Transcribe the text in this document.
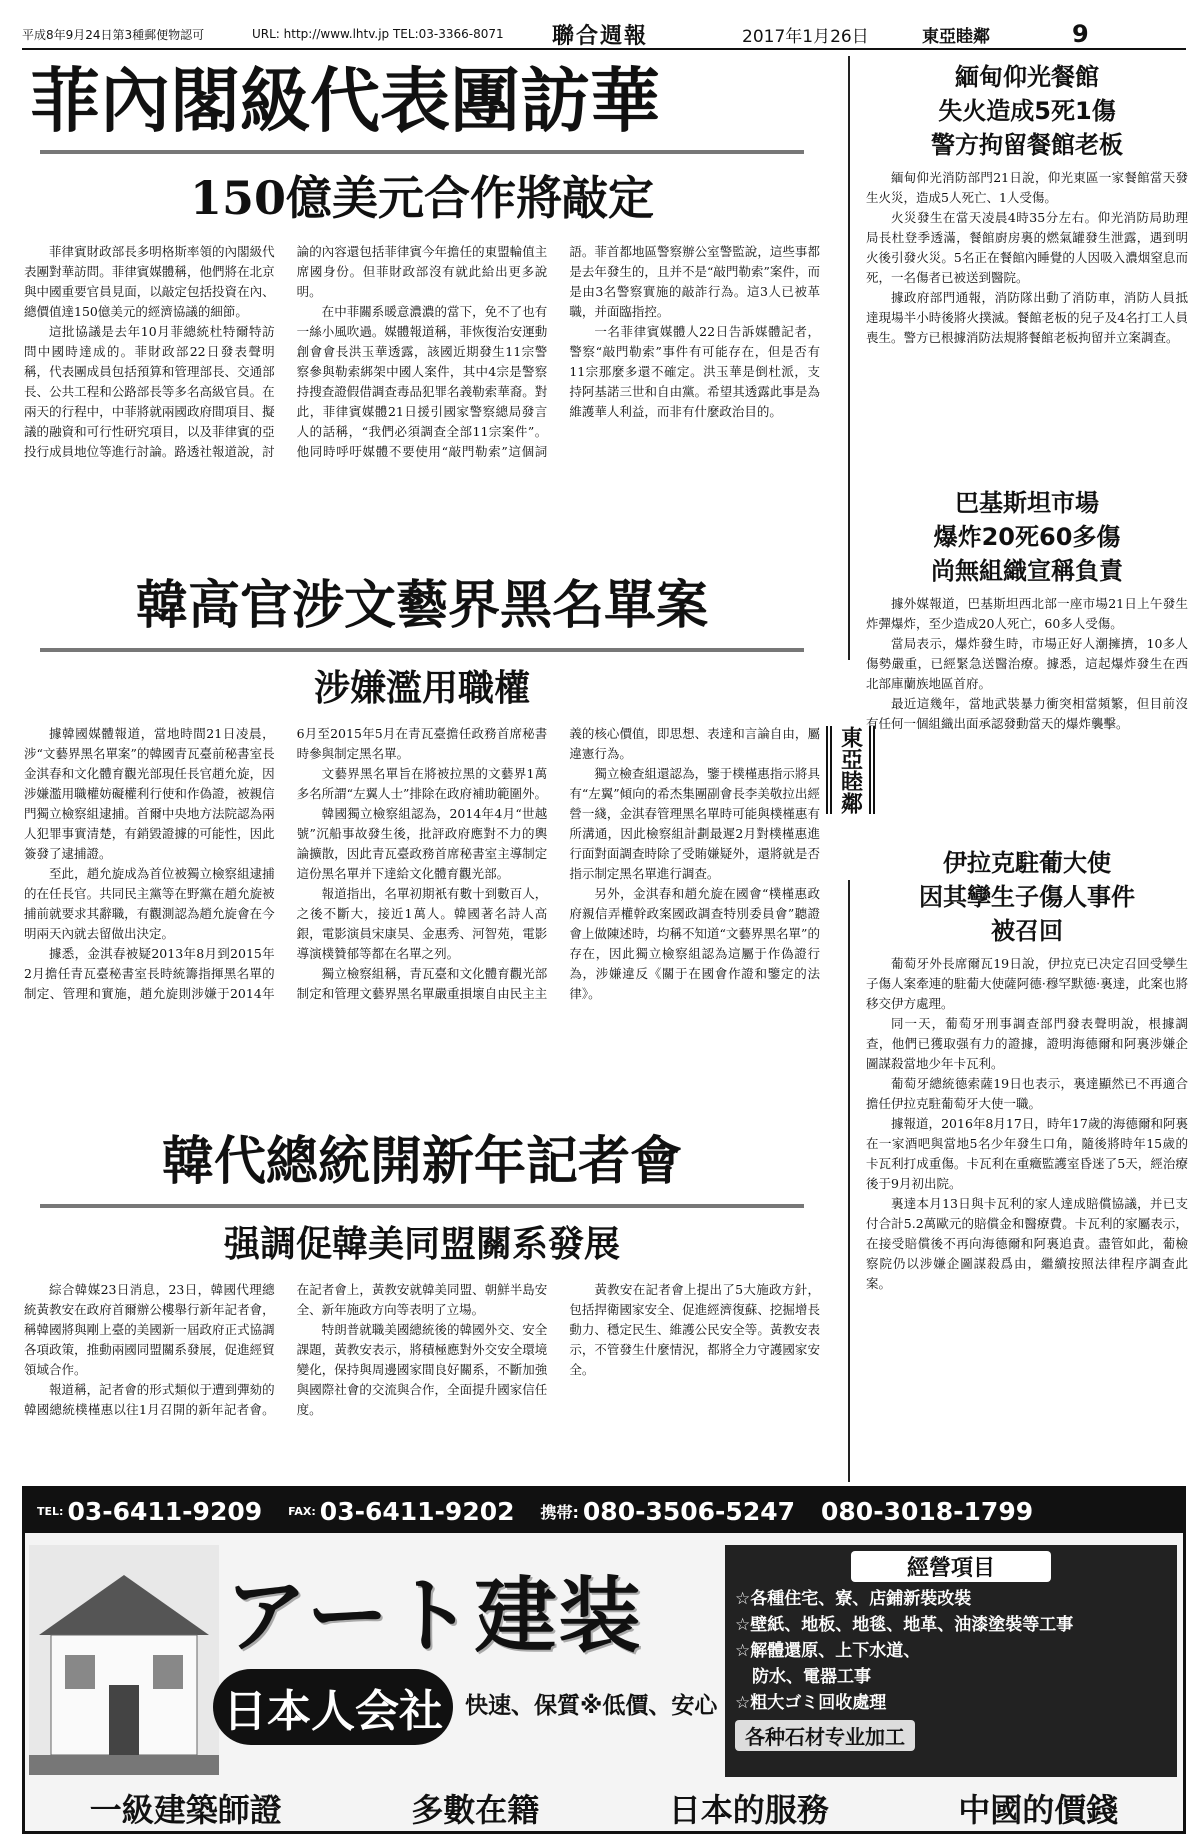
平成8年9月24日第3種郵便物認可	URL: http://www.lhtv.jp TEL:03-3366-8071	聯合週報	2017年1月26日	東亞睦鄰	9
東亞睦鄰
菲內閣級代表團訪華
150億美元合作將敲定

菲律賓財政部長多明格斯率領的內閣級代表團對華訪問。菲律賓媒體稱，他們將在北京與中國重要官員見面，以敲定包括投資在內、總價值達150億美元的經濟協議的細節。

這批協議是去年10月菲總統杜特爾特訪問中國時達成的。菲財政部22日發表聲明稱，代表團成員包括預算和管理部長、交通部長、公共工程和公路部長等多名高級官員。在兩天的行程中，中菲將就兩國政府間項目、擬議的融資和可行性研究項目，以及菲律賓的亞投行成員地位等進行討論。路透社報道說，討論的內容還包括菲律賓今年擔任的東盟輪值主席國身份。但菲財政部沒有就此給出更多說明。

在中菲關系暖意濃濃的當下，免不了也有一絲小風吹過。媒體報道稱，菲恢復治安運動創會會長洪玉華透露，該國近期發生11宗警察參與勒索綁架中國人案件，其中4宗是警察持搜查證假借調查毒品犯罪名義勒索華裔。對此，菲律賓媒體21日援引國家警察總局發言人的話稱，“我們必須調查全部11宗案件”。他同時呼吁媒體不要使用“敲門勒索”這個詞語。菲首都地區警察辦公室警監說，這些事都是去年發生的，且并不是“敲門勒索”案件，而是由3名警察實施的敲詐行為。這3人已被革職，并面臨指控。

一名菲律賓媒體人22日告訴媒體記者，警察“敲門勒索”事件有可能存在，但是否有11宗那麼多還不確定。洪玉華是倒杜派，支持阿基諾三世和自由黨。希望其透露此事是為維護華人利益，而非有什麼政治目的。

韓高官涉文藝界黑名單案
涉嫌濫用職權

據韓國媒體報道，當地時間21日凌晨，涉“文藝界黑名單案”的韓國青瓦臺前秘書室長金淇春和文化體育觀光部現任長官趙允旋，因涉嫌濫用職權妨礙權利行使和作偽證，被親信門獨立檢察組逮捕。首爾中央地方法院認為兩人犯罪事實清楚，有銷毀證據的可能性，因此簽發了逮捕證。

至此，趙允旋成為首位被獨立檢察組逮捕的在任長官。共同民主黨等在野黨在趙允旋被捕前就要求其辭職，有觀測認為趙允旋會在今明兩天內就去留做出決定。

據悉，金淇春被疑2013年8月到2015年2月擔任青瓦臺秘書室長時統籌指揮黑名單的制定、管理和實施，趙允旋則涉嫌于2014年6月至2015年5月在青瓦臺擔任政務首席秘書時參與制定黑名單。

文藝界黑名單旨在將被拉黑的文藝界1萬多名所謂“左翼人士”排除在政府補助範圍外。

韓國獨立檢察組認為，2014年4月“世越號”沉船事故發生後，批評政府應對不力的輿論擴散，因此青瓦臺政務首席秘書室主導制定這份黑名單并下達給文化體育觀光部。

報道指出，名單初期衹有數十到數百人，之後不斷大，接近1萬人。韓國著名詩人高銀，電影演員宋康昊、金惠秀、河智苑，電影導演樸贊郁等都在名單之列。

獨立檢察組稱，青瓦臺和文化體育觀光部制定和管理文藝界黑名單嚴重損壞自由民主主義的核心價值，即思想、表達和言論自由，屬違憲行為。

獨立檢查組還認為，鑒于樸槿惠指示將具有“左翼”傾向的希杰集團副會長李美敬拉出經營一綫，金淇春管理黑名單時可能與樸槿惠有所溝通，因此檢察組計劃最遲2月對樸槿惠進行面對面調查時除了受賄嫌疑外，還將就是否指示制定黑名單進行調查。

另外，金淇春和趙允旋在國會“樸槿惠政府親信弄權幹政案國政調查特別委員會”聽證會上做陳述時，均稱不知道“文藝界黑名單”的存在，因此獨立檢察組認為這屬于作偽證行為，涉嫌違反《關于在國會作證和鑒定的法律》。

韓代總統開新年記者會
强調促韓美同盟關系發展

綜合韓媒23日消息，23日，韓國代理總統黃教安在政府首爾辦公樓舉行新年記者會，稱韓國將與剛上臺的美國新一屆政府正式協調各項政策，推動兩國同盟關系發展，促進經貿領域合作。

報道稱，記者會的形式類似于遭到彈劾的韓國總統樸槿惠以往1月召開的新年記者會。在記者會上，黃教安就韓美同盟、朝鮮半島安全、新年施政方向等表明了立場。

特朗普就職美國總統後的韓國外交、安全課題，黃教安表示，將積極應對外交安全環境變化，保持與周邊國家間良好關系，不斷加強與國際社會的交流與合作，全面提升國家信任度。

黃教安在記者會上提出了5大施政方針，包括捍衛國家安全、促進經濟復蘇、挖掘增長動力、穩定民生、維護公民安全等。黃教安表示，不管發生什麼情況，都將全力守護國家安全。

緬甸仰光餐館
失火造成5死1傷
警方拘留餐館老板

緬甸仰光消防部門21日說，仰光東區一家餐館當天發生火災，造成5人死亡、1人受傷。

火災發生在當天凌晨4時35分左右。仰光消防局助理局長杜登季透滿，餐館廚房裏的燃氣罐發生泄露，遇到明火後引發火災。5名正在餐館內睡覺的人因吸入濃烟窒息而死，一名傷者已被送到醫院。

據政府部門通報，消防隊出動了消防車，消防人員抵達現場半小時後將火撲滅。餐館老板的兒子及4名打工人員喪生。警方已根據消防法規將餐館老板拘留并立案調查。

巴基斯坦市場
爆炸20死60多傷
尚無組織宣稱負責

據外媒報道，巴基斯坦西北部一座市場21日上午發生炸彈爆炸，至少造成20人死亡，60多人受傷。

當局表示，爆炸發生時，市場正好人潮擁擠，10多人傷勢嚴重，已經緊急送醫治療。據悉，這起爆炸發生在西北部庫蘭族地區首府。

最近這幾年，當地武裝暴力衝突相當頻繁，但目前沒有任何一個組織出面承認發動當天的爆炸襲擊。

伊拉克駐葡大使
因其孿生子傷人事件
被召回

葡萄牙外長席爾瓦19日說，伊拉克已决定召回受孿生子傷人案牽連的駐葡大使薩阿德·穆罕默德·裏達，此案也將移交伊方處理。

同一天，葡萄牙刑事調查部門發表聲明說，根據調查，他們已獲取强有力的證據，證明海德爾和阿裏涉嫌企圖謀殺當地少年卡瓦利。

葡萄牙總統德索薩19日也表示，裏達顯然已不再適合擔任伊拉克駐葡萄牙大使一職。

據報道，2016年8月17日，時年17歲的海德爾和阿裏在一家酒吧與當地5名少年發生口角，隨後將時年15歲的卡瓦利打成重傷。卡瓦利在重癥監護室昏迷了5天，經治療後于9月初出院。

裏達本月13日與卡瓦利的家人達成賠償協議，并已支付合計5.2萬歐元的賠償金和醫療費。卡瓦利的家屬表示，在接受賠償後不再向海德爾和阿裏追責。盡管如此，葡檢察院仍以涉嫌企圖謀殺爲由，繼續按照法律程序調查此案。

TEL: 03-6411-9209 FAX: 03-6411-9202 携帯: 080-3506-5247 080-3018-1799
アート建装
日本人会社 快速、保質※低價、安心
經營項目
☆各種住宅、寮、店鋪新裝改裝
☆壁紙、地板、地毯、地革、油漆塗裝等工事
☆解體還原、上下水道、
　防水、電器工事
☆粗大ゴミ回收處理
各种石材专业加工
一級建築師證	多數在籍	日本的服務	中國的價錢
